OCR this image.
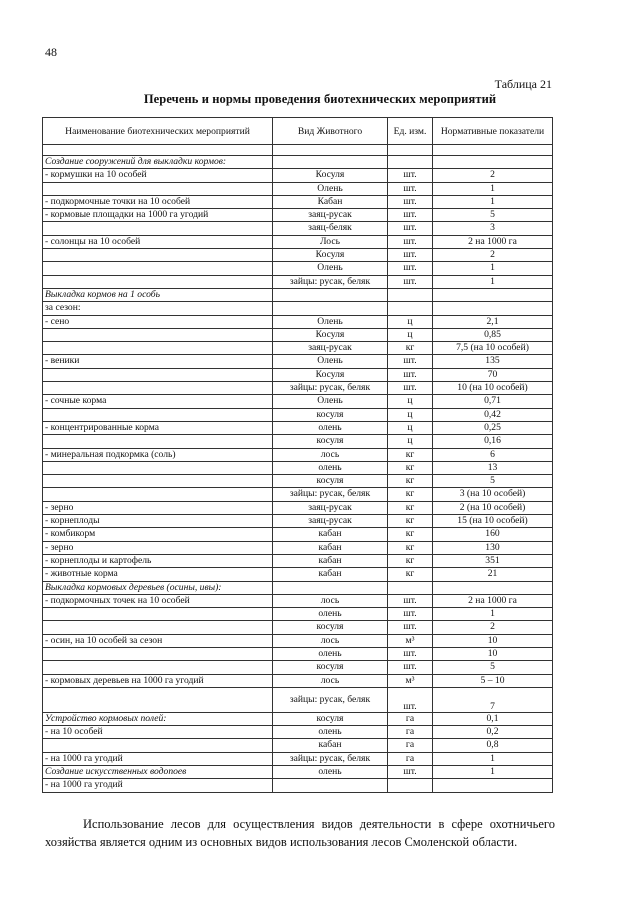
48
Таблица 21
Перечень и нормы проведения биотехнических мероприятий
Наименование биотехнических мероприятий	Вид Животного	Ед. изм.	Нормативные показатели

Создание сооружений для выкладки кормов:			
- кормушки на 10 особей	Косуля	шт.	2
	Олень	шт.	1
- подкормочные точки на 10 особей	Кабан	шт.	1
- кормовые площадки на 1000 га угодий	заяц-русак	шт.	5
	заяц-беляк	шт.	3
- солонцы на 10 особей	Лось	шт.	2 на 1000 га
	Косуля	шт.	2
	Олень	шт.	1
	зайцы: русак, беляк	шт.	1
Выкладка кормов на 1 особь			
за сезон:			
- сено	Олень	ц	2,1
	Косуля	ц	0,85
	заяц-русак	кг	7,5 (на 10 особей)
- веники	Олень	шт.	135
	Косуля	шт.	70
	зайцы: русак, беляк	шт.	10 (на 10 особей)
- сочные корма	Олень	ц	0,71
	косуля	ц	0,42
- концентрированные корма	олень	ц	0,25
	косуля	ц	0,16
- минеральная подкормка (соль)	лось	кг	6
	олень	кг	13
	косуля	кг	5
	зайцы: русак, беляк	кг	3 (на 10 особей)
- зерно	заяц-русак	кг	2 (на 10 особей)
- корнеплоды	заяц-русак	кг	15 (на 10 особей)
- комбикорм	кабан	кг	160
- зерно	кабан	кг	130
- корнеплоды и картофель	кабан	кг	351
- животные корма	кабан	кг	21
Выкладка кормовых деревьев (осины, ивы):			
- подкормочных точек на 10 особей	лось	шт.	2 на 1000 га
	олень	шт.	1
	косуля	шт.	2
- осин, на 10 особей за сезон	лось	м³	10
	олень	шт.	10
	косуля	шт.	5
- кормовых деревьев на 1000 га угодий	лось	м³	5 – 10
	зайцы: русак, беляк	шт.	7
Устройство кормовых полей:	косуля	га	0,1
- на 10 особей	олень	га	0,2
	кабан	га	0,8
- на 1000 га угодий	зайцы: русак, беляк	га	1
Создание искусственных водопоев	олень	шт.	1
- на 1000 га угодий			

Использование лесов для осуществления видов деятельности в сфере охотничьего хозяйства является одним из основных видов использования лесов Смоленской области.
